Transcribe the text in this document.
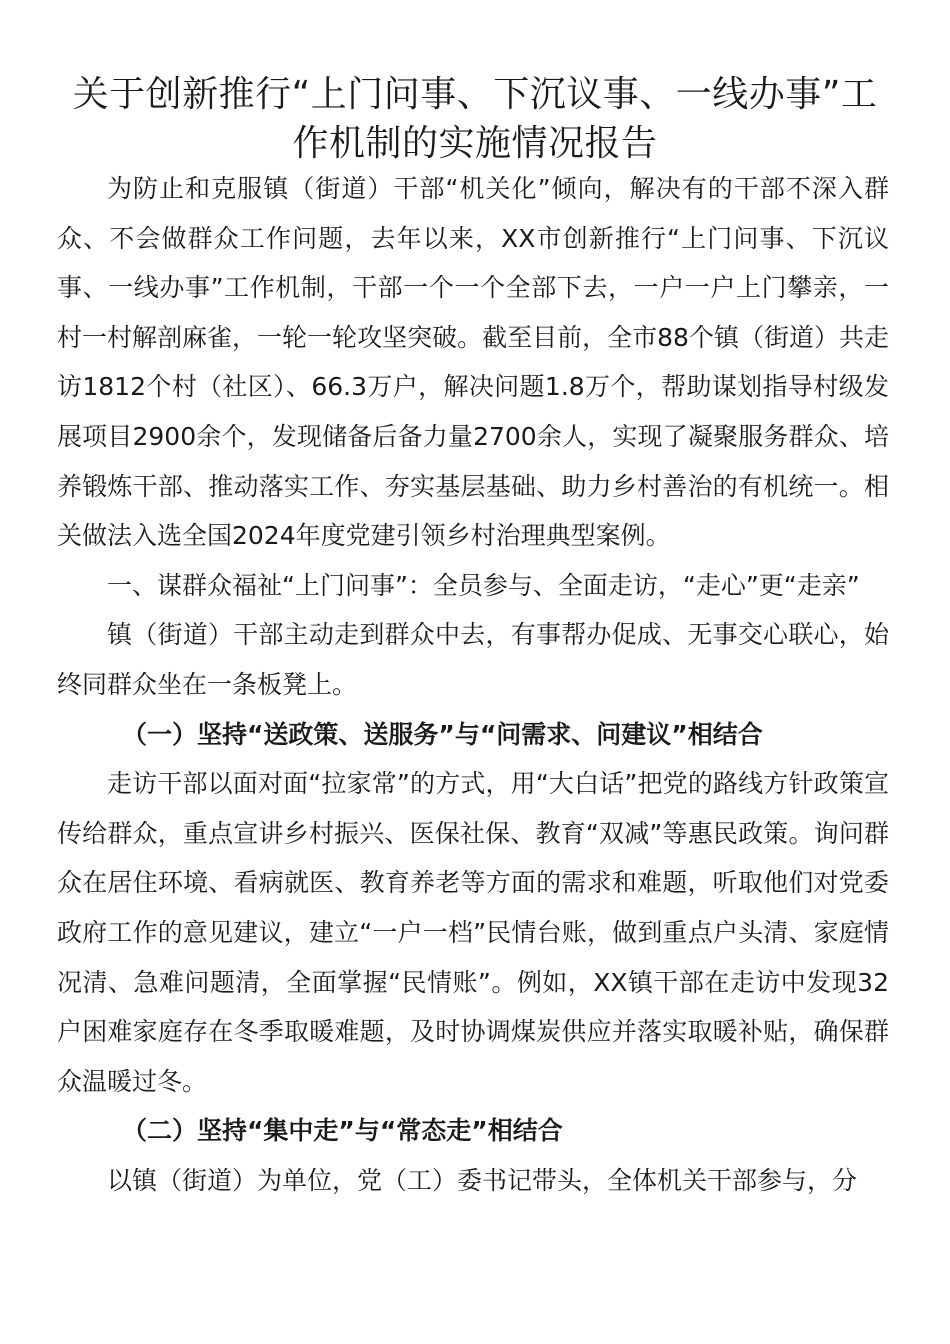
关于创新推行“上门问事、下沉议事、一线办事”工作机制的实施情况报告

为防止和克服镇（街道）干部“机关化”倾向，解决有的干部不深入群众、不会做群众工作问题，去年以来，XX市创新推行“上门问事、下沉议事、一线办事”工作机制，干部一个一个全部下去，一户一户上门攀亲，一村一村解剖麻雀，一轮一轮攻坚突破。截至目前，全市88个镇（街道）共走访1812个村（社区）、66.3万户，解决问题1.8万个，帮助谋划指导村级发展项目2900余个，发现储备后备力量2700余人，实现了凝聚服务群众、培养锻炼干部、推动落实工作、夯实基层基础、助力乡村善治的有机统一。相关做法入选全国2024年度党建引领乡村治理典型案例。

一、谋群众福祉“上门问事”：全员参与、全面走访，“走心”更“走亲”

镇（街道）干部主动走到群众中去，有事帮办促成、无事交心联心，始终同群众坐在一条板凳上。

（一）坚持“送政策、送服务”与“问需求、问建议”相结合

走访干部以面对面“拉家常”的方式，用“大白话”把党的路线方针政策宣传给群众，重点宣讲乡村振兴、医保社保、教育“双减”等惠民政策。询问群众在居住环境、看病就医、教育养老等方面的需求和难题，听取他们对党委政府工作的意见建议，建立“一户一档”民情台账，做到重点户头清、家庭情况清、急难问题清，全面掌握“民情账”。例如，XX镇干部在走访中发现32户困难家庭存在冬季取暖难题，及时协调煤炭供应并落实取暖补贴，确保群众温暖过冬。

（二）坚持“集中走”与“常态走”相结合

以镇（街道）为单位，党（工）委书记带头，全体机关干部参与，分
